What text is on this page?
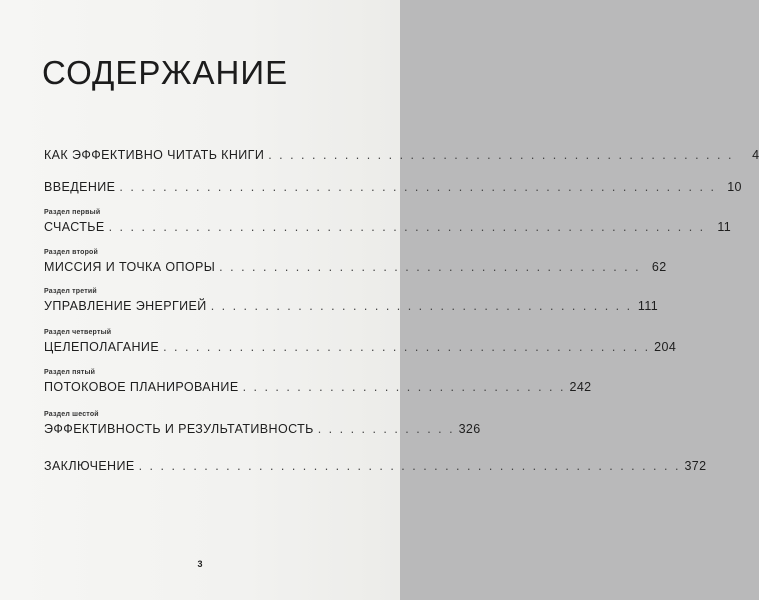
СОДЕРЖАНИЕ
КАК ЭФФЕКТИВНО ЧИТАТЬ КНИГИ . . . . . . . . . . . . . . . . . . . . . . . . . . . . . . . . . . . . . . . . . . .	4
ВВЕДЕНИЕ . . . . . . . . . . . . . . . . . . . . . . . . . . . . . . . . . . . . . . . . . . . . . . . . . . . . . . . 10
Раздел первый
СЧАСТЬЕ . . . . . . . . . . . . . . . . . . . . . . . . . . . . . . . . . . . . . . . . . . . . . . . . . . . . . . . 11
Раздел второй
МИССИЯ И ТОЧКА ОПОРЫ . . . . . . . . . . . . . . . . . . . . . . . . . . . . . . . . . . . . . . . 62
Раздел третий
УПРАВЛЕНИЕ ЭНЕРГИЕЙ . . . . . . . . . . . . . . . . . . . . . . . . . . . . . . . . . . . . . . . 111
Раздел четвертый
ЦЕЛЕПОЛАГАНИЕ . . . . . . . . . . . . . . . . . . . . . . . . . . . . . . . . . . . . . . . . . . . . . 204
Раздел пятый
ПОТОКОВОЕ ПЛАНИРОВАНИЕ . . . . . . . . . . . . . . . . . . . . . . . . . . . . . . 242
Раздел шестой
ЭФФЕКТИВНОСТЬ И РЕЗУЛЬТАТИВНОСТЬ . . . . . . . . . . . . . 326
ЗАКЛЮЧЕНИЕ . . . . . . . . . . . . . . . . . . . . . . . . . . . . . . . . . . . . . . . . . . . . . . . . . . 372
3
